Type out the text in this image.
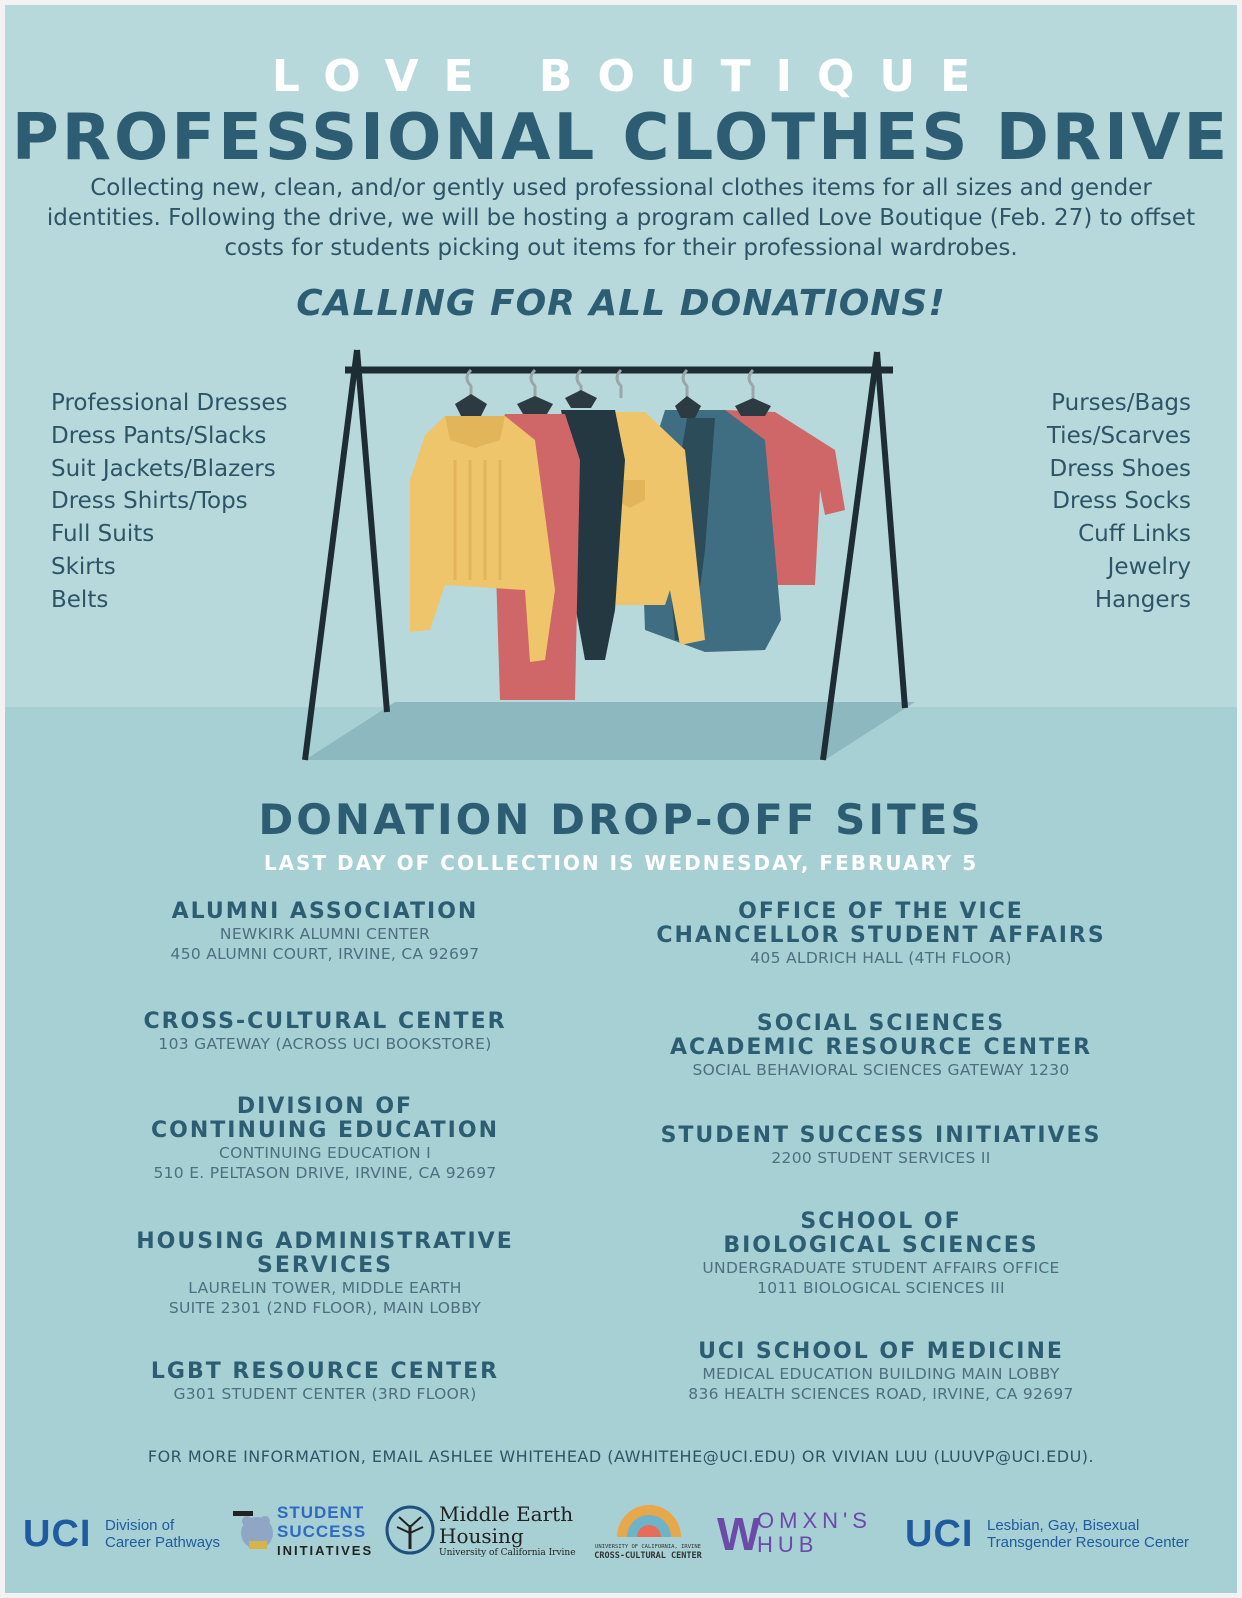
LOVE BOUTIQUE
PROFESSIONAL CLOTHES DRIVE
Collecting new, clean, and/or gently used professional clothes items for all sizes and gender identities. Following the drive, we will be hosting a program called Love Boutique (Feb. 27) to offset costs for students picking out items for their professional wardrobes.
CALLING FOR ALL DONATIONS!
Professional Dresses
Dress Pants/Slacks
Suit Jackets/Blazers
Dress Shirts/Tops
Full Suits
Skirts
Belts
Purses/Bags
Ties/Scarves
Dress Shoes
Dress Socks
Cuff Links
Jewelry
Hangers
DONATION DROP-OFF SITES
LAST DAY OF COLLECTION IS WEDNESDAY, FEBRUARY 5
ALUMNI ASSOCIATION
NEWKIRK ALUMNI CENTER
450 ALUMNI COURT, IRVINE, CA 92697
CROSS-CULTURAL CENTER
103 GATEWAY (ACROSS UCI BOOKSTORE)
DIVISION OF
CONTINUING EDUCATION
CONTINUING EDUCATION I
510 E. PELTASON DRIVE, IRVINE, CA 92697
HOUSING ADMINISTRATIVE
SERVICES
LAURELIN TOWER, MIDDLE EARTH
SUITE 2301 (2ND FLOOR), MAIN LOBBY
LGBT RESOURCE CENTER
G301 STUDENT CENTER (3RD FLOOR)
OFFICE OF THE VICE
CHANCELLOR STUDENT AFFAIRS
405 ALDRICH HALL (4TH FLOOR)
SOCIAL SCIENCES
ACADEMIC RESOURCE CENTER
SOCIAL BEHAVIORAL SCIENCES GATEWAY 1230
STUDENT SUCCESS INITIATIVES
2200 STUDENT SERVICES II
SCHOOL OF
BIOLOGICAL SCIENCES
UNDERGRADUATE STUDENT AFFAIRS OFFICE
1011 BIOLOGICAL SCIENCES III
UCI SCHOOL OF MEDICINE
MEDICAL EDUCATION BUILDING MAIN LOBBY
836 HEALTH SCIENCES ROAD, IRVINE, CA 92697
FOR MORE INFORMATION, EMAIL ASHLEE WHITEHEAD (AWHITEHE@UCI.EDU) OR VIVIAN LUU (LUUVP@UCI.EDU).
UCI Division of
Career Pathways
STUDENT
SUCCESS
INITIATIVES
Middle Earth
Housing
University of California Irvine
UNIVERSITY OF CALIFORNIA, IRVINE
CROSS-CULTURAL CENTER W
OMXN'S
HUB	UCI Lesbian, Gay, Bisexual
Transgender Resource Center
